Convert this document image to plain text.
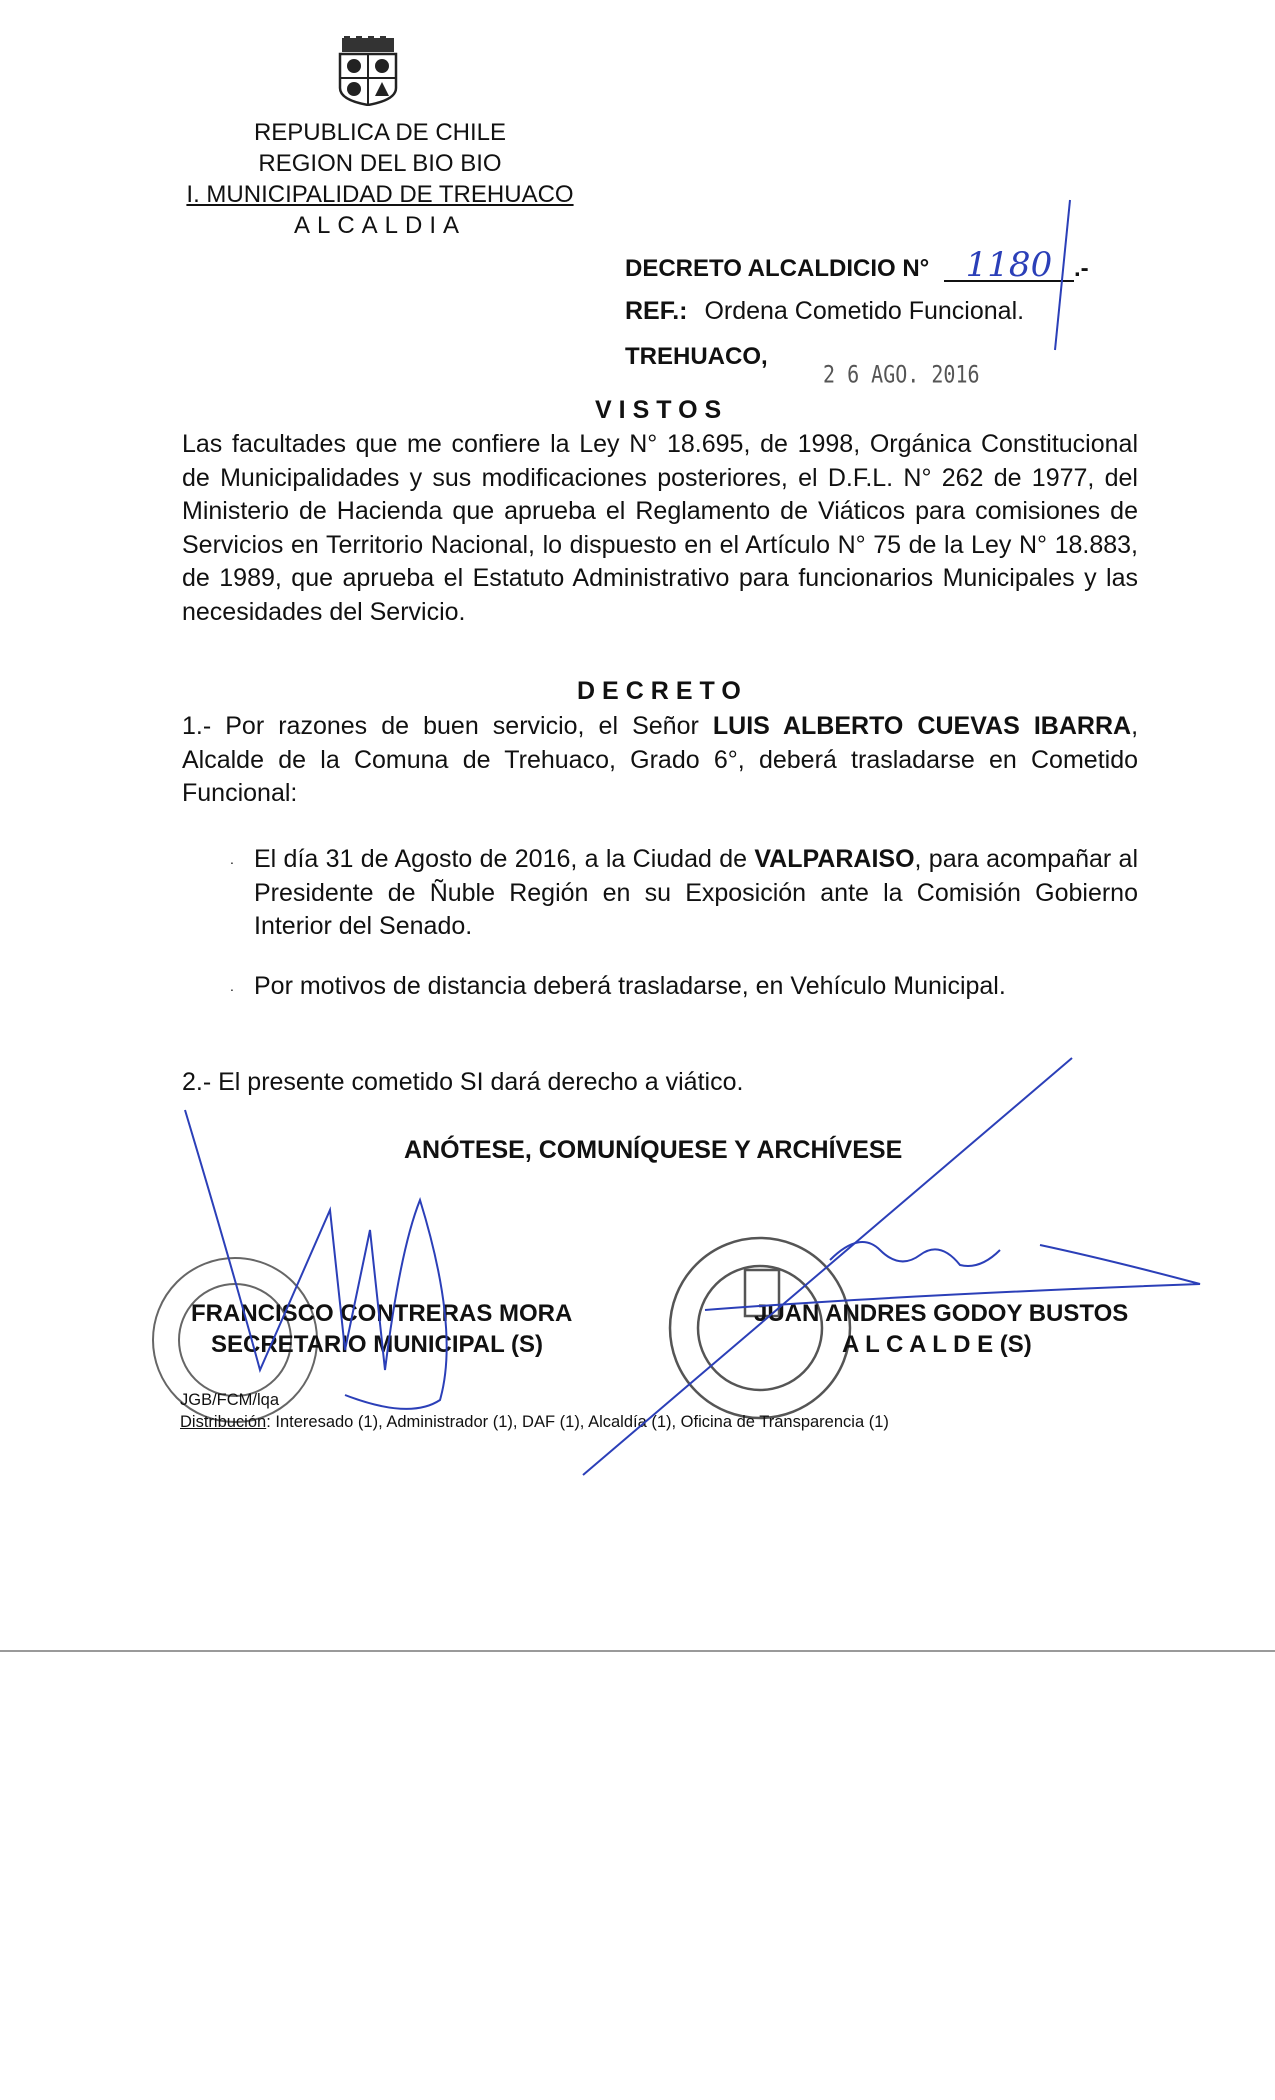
REPUBLICA DE CHILE
REGION DEL BIO BIO
I. MUNICIPALIDAD DE TREHUACO
ALCALDIA
DECRETO ALCALDICIO N° 1180 .-
REF.: Ordena Cometido Funcional.
TREHUACO,
2 6 AGO. 2016
VISTOS
Las facultades que me confiere la Ley N° 18.695, de 1998, Orgánica Constitucional de Municipalidades y sus modificaciones posteriores, el D.F.L. N° 262 de 1977, del Ministerio de Hacienda que aprueba el Reglamento de Viáticos para comisiones de Servicios en Territorio Nacional, lo dispuesto en el Artículo N° 75 de la Ley N° 18.883, de 1989, que aprueba el Estatuto Administrativo para funcionarios Municipales y las necesidades del Servicio.
DECRETO
1.- Por razones de buen servicio, el Señor LUIS ALBERTO CUEVAS IBARRA, Alcalde de la Comuna de Trehuaco, Grado 6°, deberá trasladarse en Cometido Funcional:
. El día 31 de Agosto de 2016, a la Ciudad de VALPARAISO, para acompañar al Presidente de Ñuble Región en su Exposición ante la Comisión Gobierno Interior del Senado.
. Por motivos de distancia deberá trasladarse, en Vehículo Municipal.
2.- El presente cometido SI dará derecho a viático.
ANÓTESE, COMUNÍQUESE Y ARCHÍVESE
FRANCISCO CONTRERAS MORA
SECRETARIO MUNICIPAL (S)
JUAN ANDRES GODOY BUSTOS
A L C A L D E (S)
JGB/FCM/lqa
Distribución: Interesado (1), Administrador (1), DAF (1), Alcaldía (1), Oficina de Transparencia (1)
